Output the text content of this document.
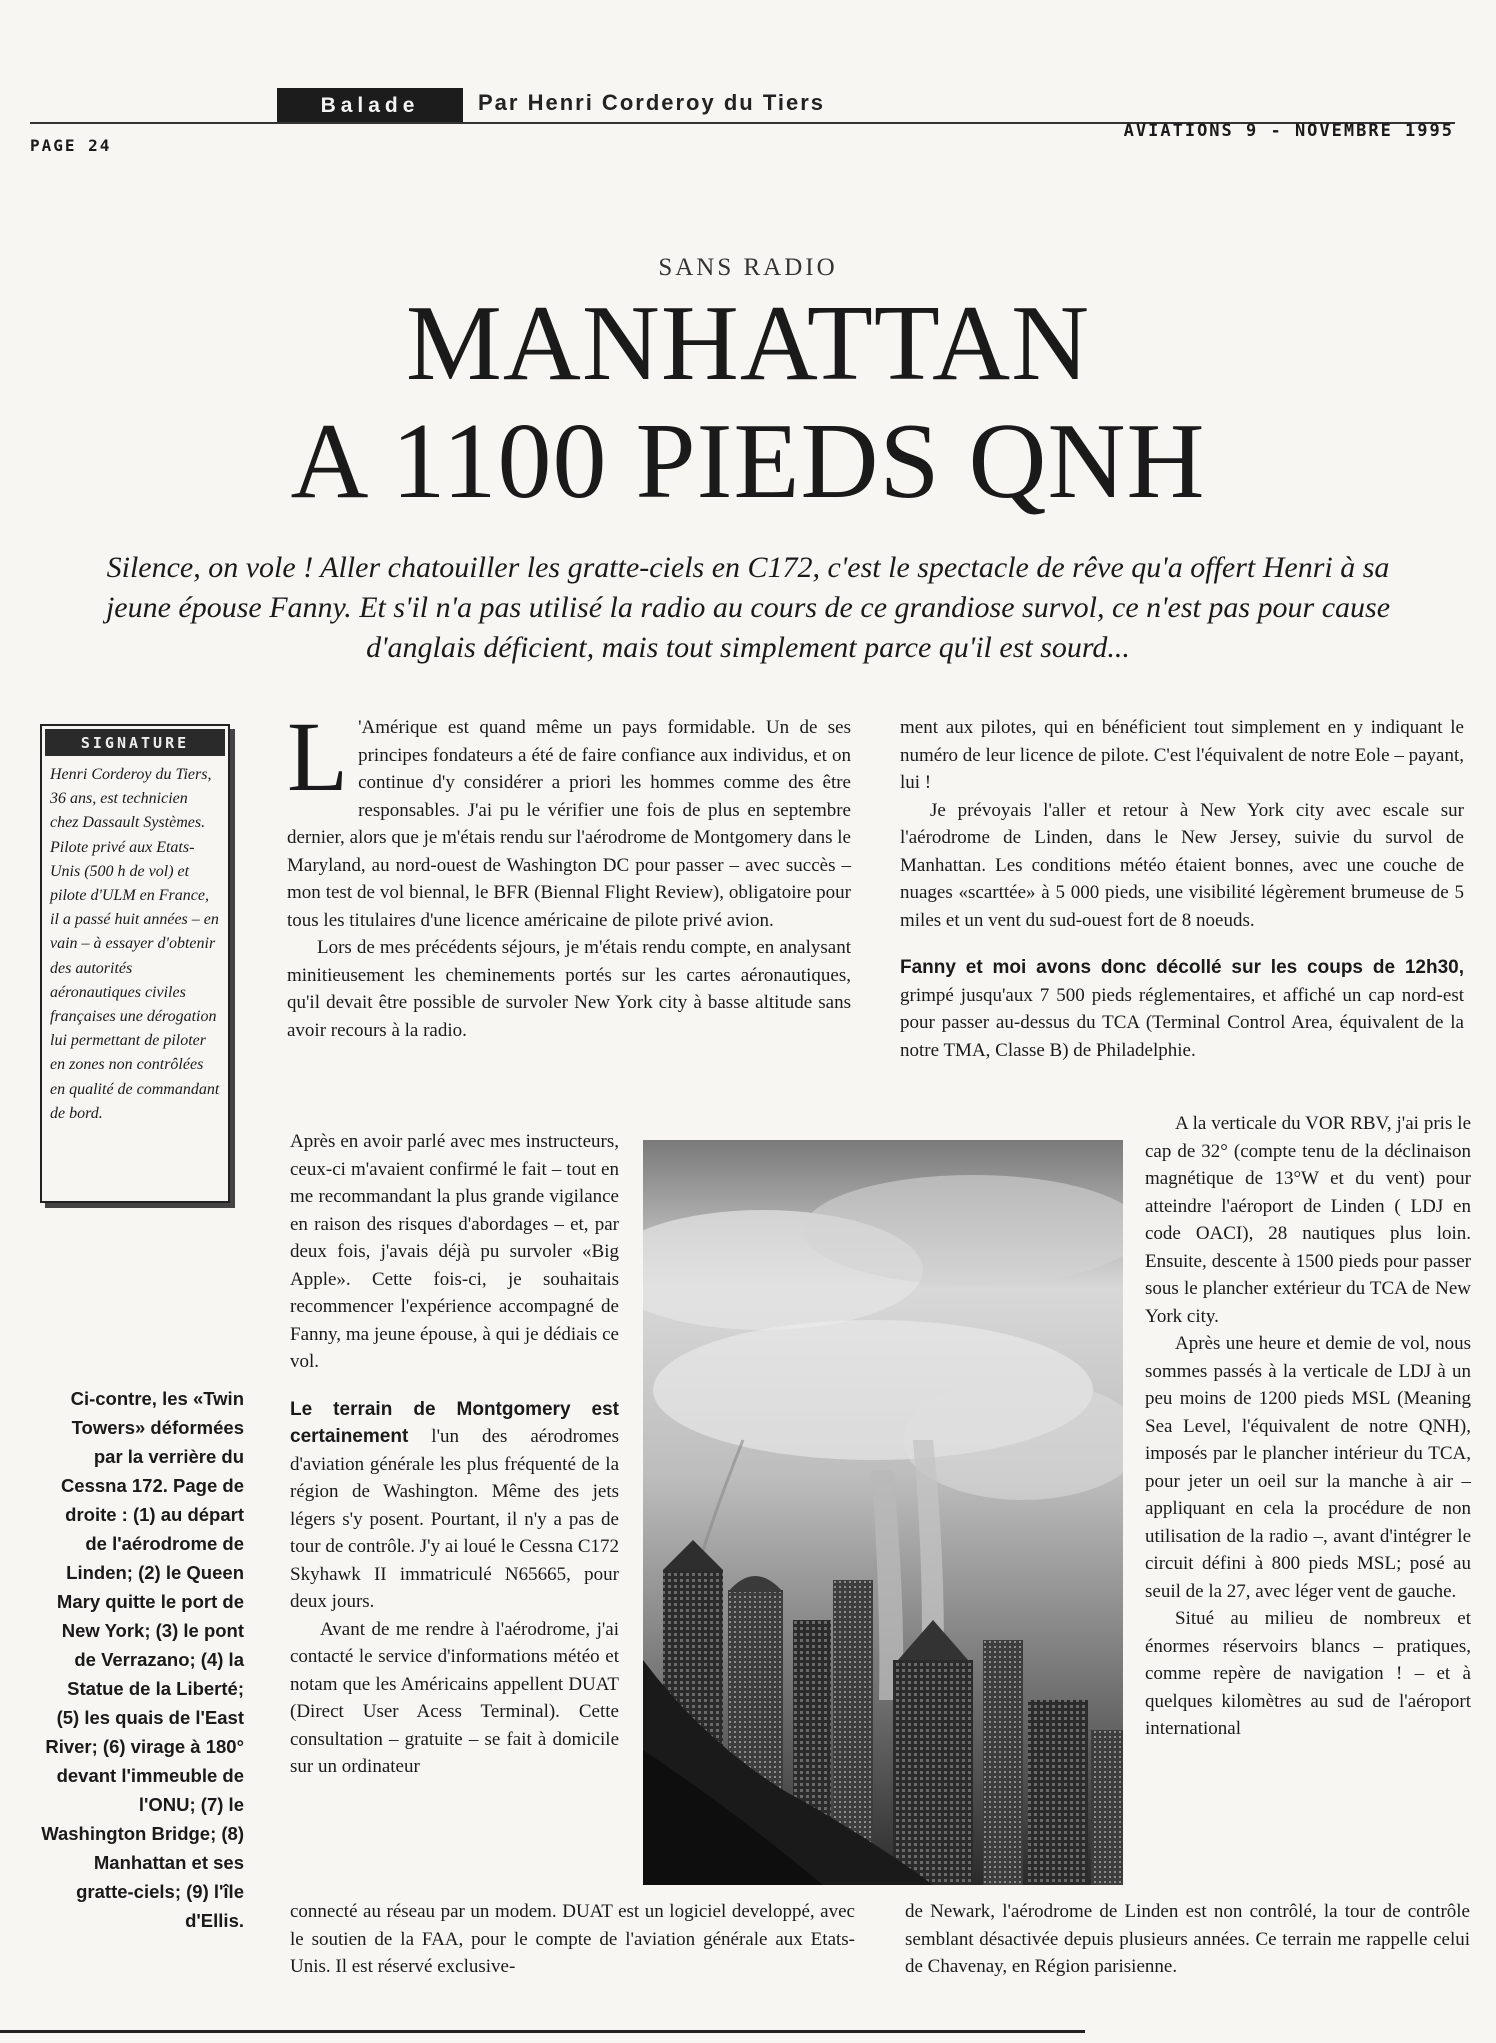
Balade	Par Henri Corderoy du Tiers
PAGE 24
AVIATIONS 9 - NOVEMBRE 1995
SANS RADIO
MANHATTAN
A 1100 PIEDS QNH
Silence, on vole ! Aller chatouiller les gratte-ciels en C172, c'est le spectacle de rêve qu'a offert Henri à sa jeune épouse Fanny. Et s'il n'a pas utilisé la radio au cours de ce grandiose survol, ce n'est pas pour cause d'anglais déficient, mais tout simplement parce qu'il est sourd...
SIGNATURE
Henri Corderoy du Tiers, 36 ans, est technicien chez Dassault Systèmes. Pilote privé aux Etats-Unis (500 h de vol) et pilote d'ULM en France, il a passé huit années – en vain – à essayer d'obtenir des autorités aéronautiques civiles françaises une dérogation lui permettant de piloter en zones non contrôlées en qualité de commandant de bord.
Ci-contre, les «Twin Towers» déformées par la verrière du Cessna 172. Page de droite : (1) au départ de l'aérodrome de Linden; (2) le Queen Mary quitte le port de New York; (3) le pont de Verrazano; (4) la Statue de la Liberté; (5) les quais de l'East River; (6) virage à 180° devant l'immeuble de l'ONU; (7) le Washington Bridge; (8) Manhattan et ses gratte-ciels; (9) l'île d'Ellis.

L 'Amérique est quand même un pays formidable. Un de ses principes fondateurs a été de faire confiance aux individus, et on continue d'y considérer a priori les hommes comme des être responsables. J'ai pu le vérifier une fois de plus en septembre dernier, alors que je m'étais rendu sur l'aérodrome de Montgomery dans le Maryland, au nord-ouest de Washington DC pour passer – avec succès – mon test de vol biennal, le BFR (Biennal Flight Review), obligatoire pour tous les titulaires d'une licence américaine de pilote privé avion.

Lors de mes précédents séjours, je m'étais rendu compte, en analysant minitieusement les cheminements portés sur les cartes aéronautiques, qu'il devait être possible de survoler New York city à basse altitude sans avoir recours à la radio.

Après en avoir parlé avec mes instructeurs, ceux-ci m'avaient confirmé le fait – tout en me recommandant la plus grande vigilance en raison des risques d'abordages – et, par deux fois, j'avais déjà pu survoler «Big Apple». Cette fois-ci, je souhaitais recommencer l'expérience accompagné de Fanny, ma jeune épouse, à qui je dédiais ce vol.

Le terrain de Montgomery est certainement l'un des aérodromes d'aviation générale les plus fréquenté de la région de Washington. Même des jets légers s'y posent. Pourtant, il n'y a pas de tour de contrôle. J'y ai loué le Cessna C172 Skyhawk II immatriculé N65665, pour deux jours.

Avant de me rendre à l'aérodrome, j'ai contacté le service d'informations météo et notam que les Américains appellent DUAT (Direct User Acess Terminal). Cette consultation – gratuite – se fait à domicile sur un ordinateur

ment aux pilotes, qui en bénéficient tout simplement en y indiquant le numéro de leur licence de pilote. C'est l'équivalent de notre Eole – payant, lui !

Je prévoyais l'aller et retour à New York city avec escale sur l'aérodrome de Linden, dans le New Jersey, suivie du survol de Manhattan. Les conditions météo étaient bonnes, avec une couche de nuages «scarttée» à 5 000 pieds, une visibilité légèrement brumeuse de 5 miles et un vent du sud-ouest fort de 8 noeuds.

Fanny et moi avons donc décollé sur les coups de 12h30, grimpé jusqu'aux 7 500 pieds réglementaires, et affiché un cap nord-est pour passer au-dessus du TCA (Terminal Control Area, équivalent de la notre TMA, Classe B) de Philadelphie.

A la verticale du VOR RBV, j'ai pris le cap de 32° (compte tenu de la déclinaison magnétique de 13°W et du vent) pour atteindre l'aéroport de Linden ( LDJ en code OACI), 28 nautiques plus loin. Ensuite, descente à 1500 pieds pour passer sous le plancher extérieur du TCA de New York city.

Après une heure et demie de vol, nous sommes passés à la verticale de LDJ à un peu moins de 1200 pieds MSL (Meaning Sea Level, l'équivalent de notre QNH), imposés par le plancher intérieur du TCA, pour jeter un oeil sur la manche à air – appliquant en cela la procédure de non utilisation de la radio –, avant d'intégrer le circuit défini à 800 pieds MSL; posé au seuil de la 27, avec léger vent de gauche.

Situé au milieu de nombreux et énormes réservoirs blancs – pratiques, comme repère de navigation ! – et à quelques kilomètres au sud de l'aéroport international

connecté au réseau par un modem. DUAT est un logiciel developpé, avec le soutien de la FAA, pour le compte de l'aviation générale aux Etats-Unis. Il est réservé exclusive-
de Newark, l'aérodrome de Linden est non contrôlé, la tour de contrôle semblant désactivée depuis plusieurs années. Ce terrain me rappelle celui de Chavenay, en Région parisienne.
